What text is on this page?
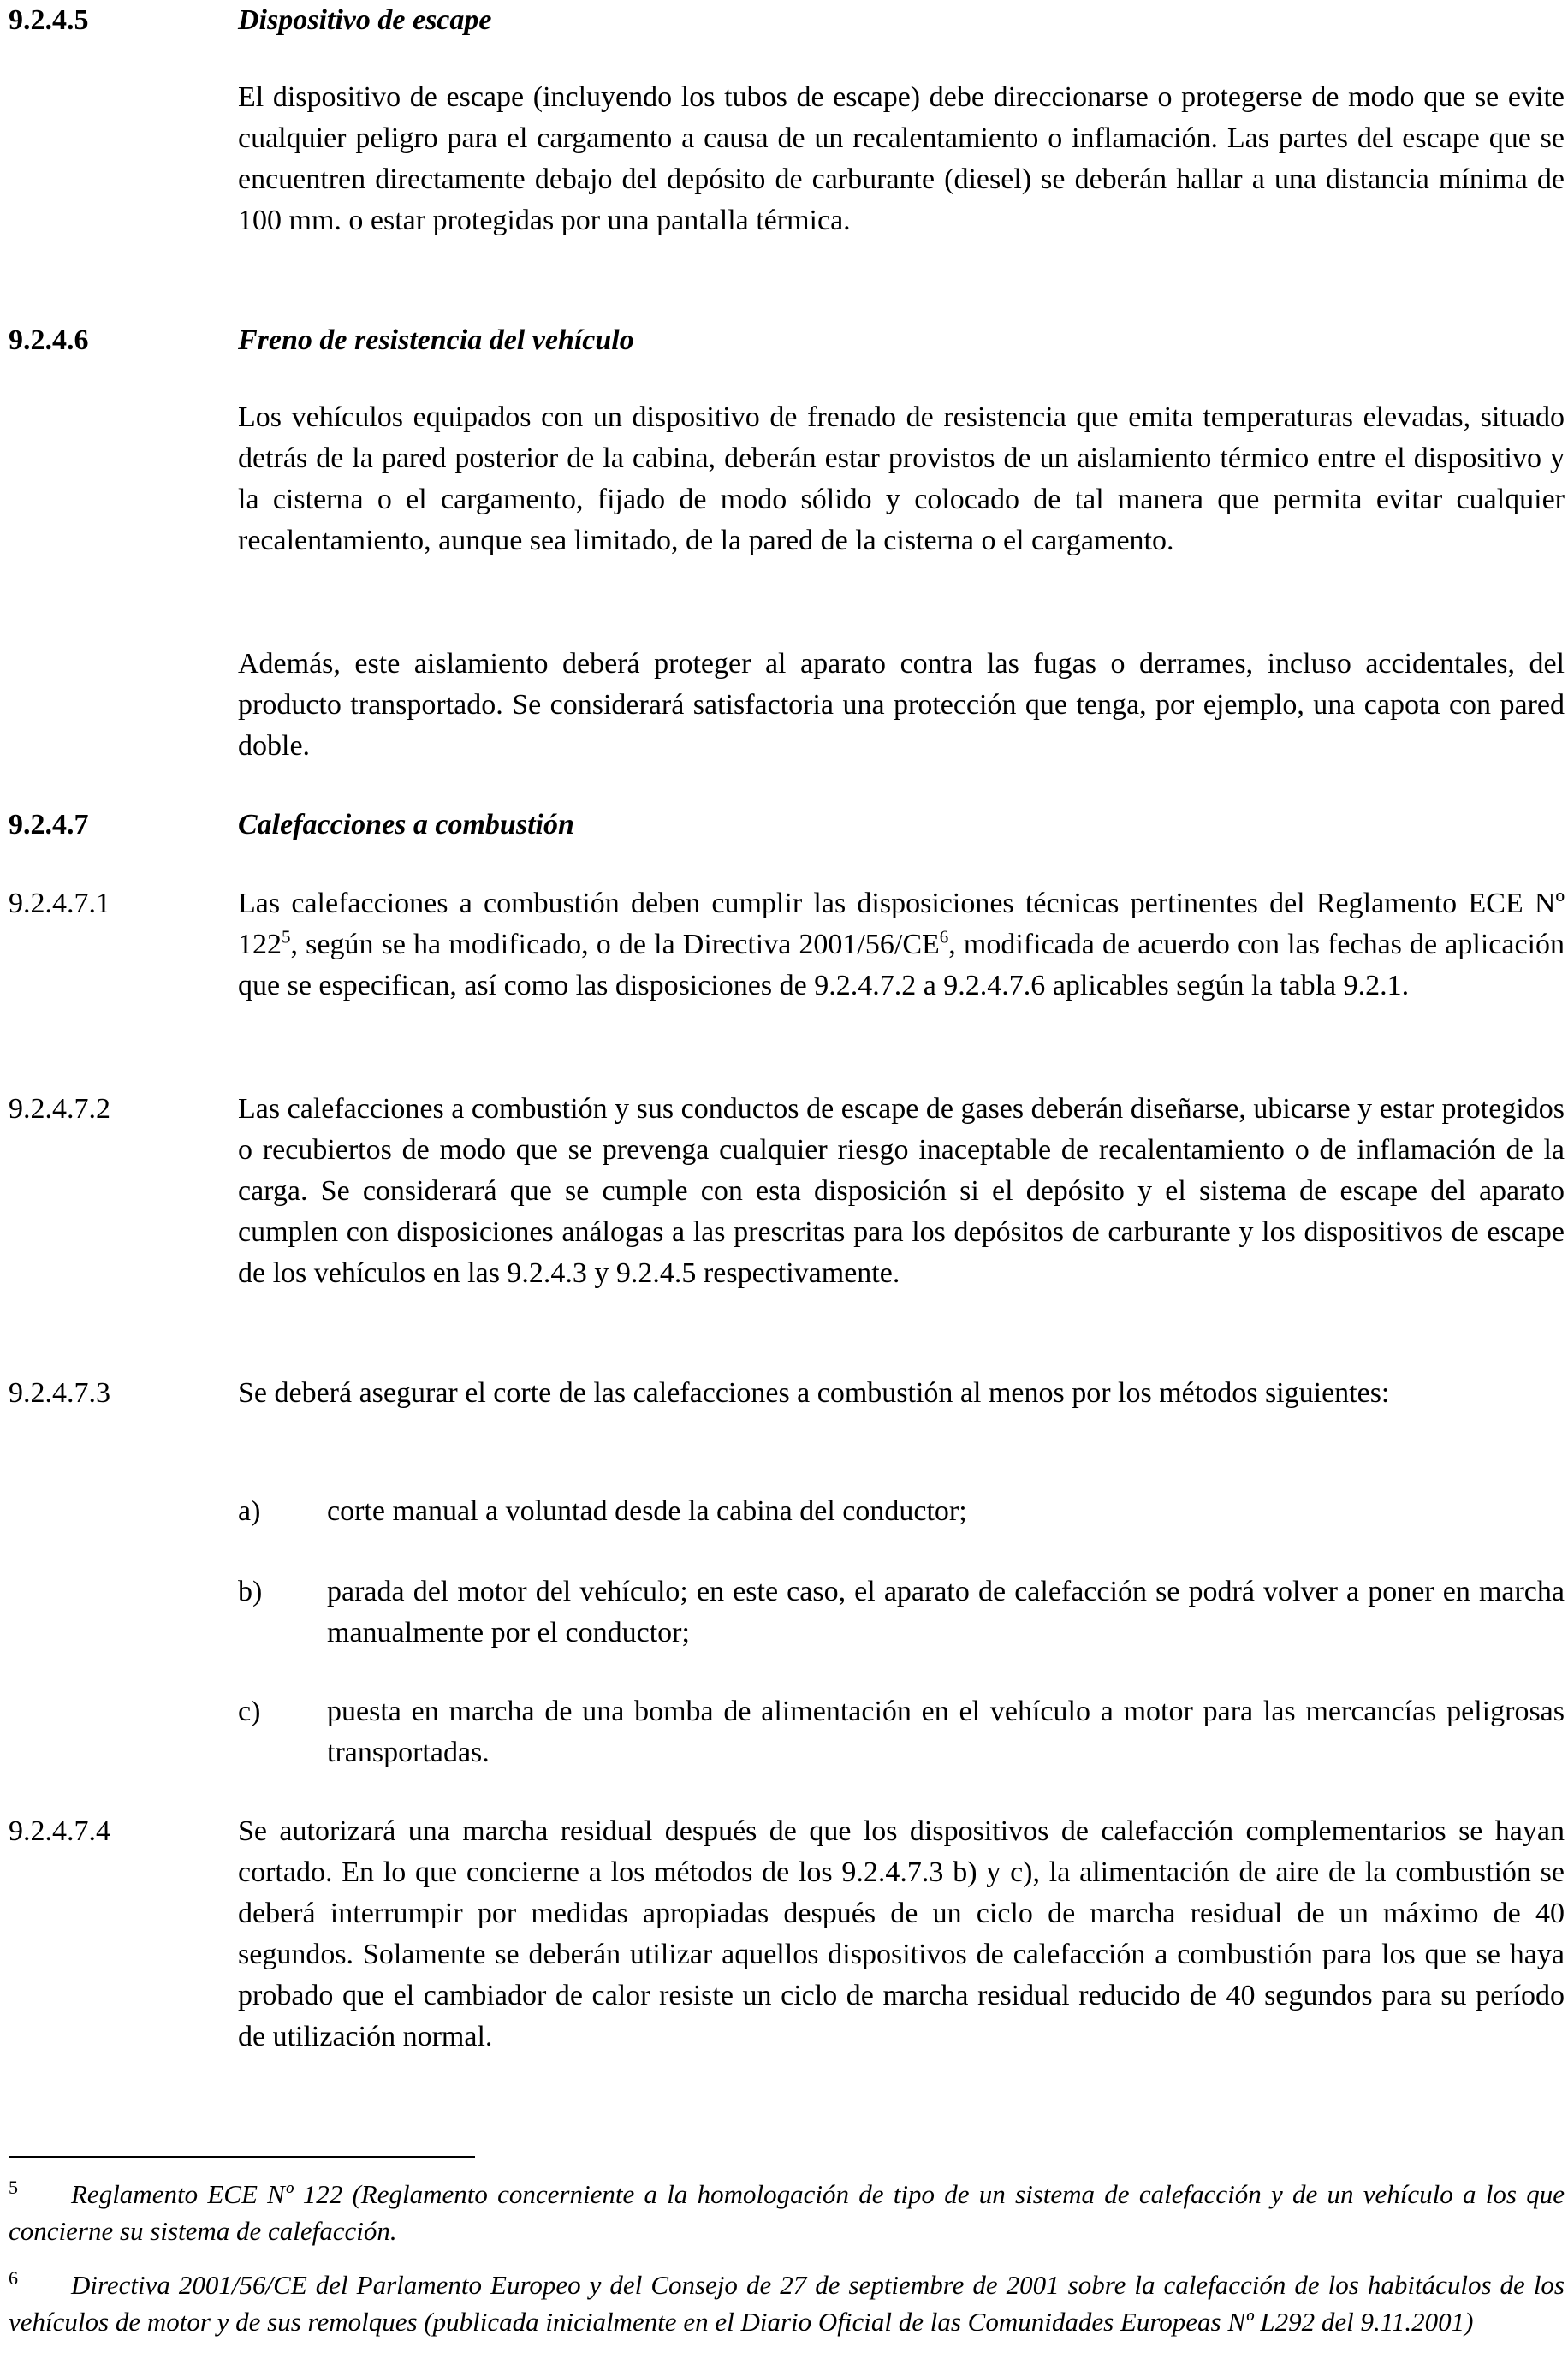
9.2.4.5	Dispositivo de escape
El dispositivo de escape (incluyendo los tubos de escape) debe direccionarse o protegerse de modo que se evite cualquier peligro para el cargamento a causa de un recalentamiento o inflamación. Las partes del escape que se encuentren directamente debajo del depósito de carburante (diesel) se deberán hallar a una distancia mínima de 100 mm. o estar protegidas por una pantalla térmica.
9.2.4.6	Freno de resistencia del vehículo
Los vehículos equipados con un dispositivo de frenado de resistencia que emita temperaturas elevadas, situado detrás de la pared posterior de la cabina, deberán estar provistos de un aislamiento térmico entre el dispositivo y la cisterna o el cargamento, fijado de modo sólido y colocado de tal manera que permita evitar cualquier recalentamiento, aunque sea limitado, de la pared de la cisterna o el cargamento.
Además, este aislamiento deberá proteger al aparato contra las fugas o derrames, incluso accidentales, del producto transportado. Se considerará satisfactoria una protección que tenga, por ejemplo, una capota con pared doble.
9.2.4.7	Calefacciones a combustión
9.2.4.7.1	Las calefacciones a combustión deben cumplir las disposiciones técnicas pertinentes del Reglamento ECE Nº $122^5$, según se ha modificado, o de la Directiva $2001/56/CE^6$, modificada de acuerdo con las fechas de aplicación que se especifican, así como las disposiciones de 9.2.4.7.2 a 9.2.4.7.6 aplicables según la tabla 9.2.1.
9.2.4.7.2	Las calefacciones a combustión y sus conductos de escape de gases deberán diseñarse, ubicarse y estar protegidos o recubiertos de modo que se prevenga cualquier riesgo inaceptable de recalentamiento o de inflamación de la carga. Se considerará que se cumple con esta disposición si el depósito y el sistema de escape del aparato cumplen con disposiciones análogas a las prescritas para los depósitos de carburante y los dispositivos de escape de los vehículos en las 9.2.4.3 y 9.2.4.5 respectivamente.
9.2.4.7.3	Se deberá asegurar el corte de las calefacciones a combustión al menos por los métodos siguientes:
a)	corte manual a voluntad desde la cabina del conductor;
b)	parada del motor del vehículo; en este caso, el aparato de calefacción se podrá volver a poner en marcha manualmente por el conductor;
c)	puesta en marcha de una bomba de alimentación en el vehículo a motor para las mercancías peligrosas transportadas.
9.2.4.7.4	Se autorizará una marcha residual después de que los dispositivos de calefacción complementarios se hayan cortado. En lo que concierne a los métodos de los 9.2.4.7.3 b) y c), la alimentación de aire de la combustión se deberá interrumpir por medidas apropiadas después de un ciclo de marcha residual de un máximo de 40 segundos. Solamente se deberán utilizar aquellos dispositivos de calefacción a combustión para los que se haya probado que el cambiador de calor resiste un ciclo de marcha residual reducido de 40 segundos para su período de utilización normal.
$^5$ Reglamento ECE Nº 122 (Reglamento concerniente a la homologación de tipo de un sistema de calefacción y de un vehículo a los que concierne su sistema de calefacción.
$^6$ Directiva 2001/56/CE del Parlamento Europeo y del Consejo de 27 de septiembre de 2001 sobre la calefacción de los habitáculos de los vehículos de motor y de sus remolques (publicada inicialmente en el Diario Oficial de las Comunidades Europeas Nº L292 del 9.11.2001)
